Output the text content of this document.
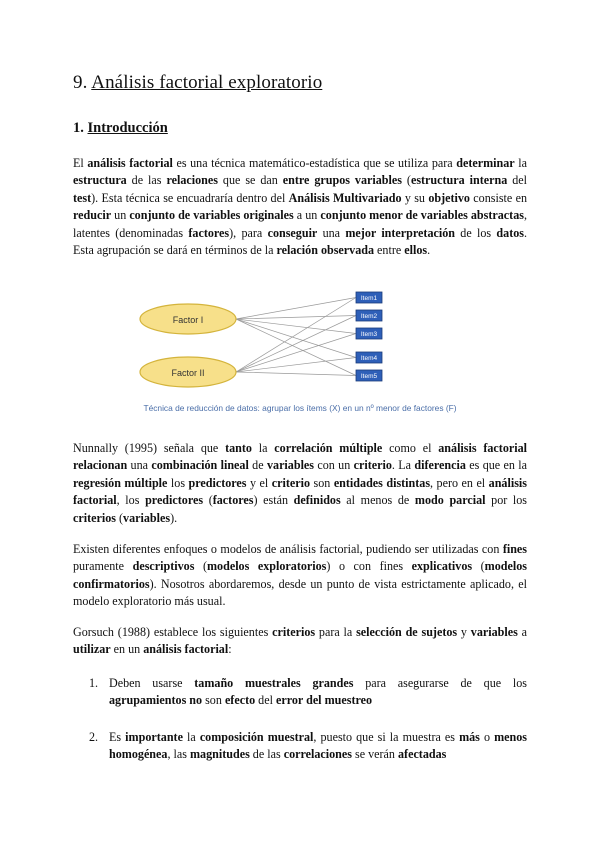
9. Análisis factorial exploratorio
1. Introducción

El análisis factorial es una técnica matemático-estadística que se utiliza para determinar la estructura de las relaciones que se dan entre grupos variables (estructura interna del test). Esta técnica se encuadraría dentro del Análisis Multivariado y su objetivo consiste en reducir un conjunto de variables originales a un conjunto menor de variables abstractas, latentes (denominadas factores), para conseguir una mejor interpretación de los datos. Esta agrupación se dará en términos de la relación observada entre ellos.

Factor I
Factor II
Item1
Item2
Item3
Item4
Item5
Técnica de reducción de datos: agrupar los ítems (X) en un nº menor de factores (F)

Nunnally (1995) señala que tanto la correlación múltiple como el análisis factorial relacionan una combinación lineal de variables con un criterio. La diferencia es que en la regresión múltiple los predictores y el criterio son entidades distintas, pero en el análisis factorial, los predictores (factores) están definidos al menos de modo parcial por los criterios (variables).

Existen diferentes enfoques o modelos de análisis factorial, pudiendo ser utilizadas con fines puramente descriptivos (modelos exploratorios) o con fines explicativos (modelos confirmatorios). Nosotros abordaremos, desde un punto de vista estrictamente aplicado, el modelo exploratorio más usual.

Gorsuch (1988) establece los siguientes criterios para la selección de sujetos y variables a utilizar en un análisis factorial:

1. Deben usarse tamaño muestrales grandes para asegurarse de que los agrupamientos no son efecto del error del muestreo
2. Es importante la composición muestral, puesto que si la muestra es más o menos homogénea, las magnitudes de las correlaciones se verán afectadas
